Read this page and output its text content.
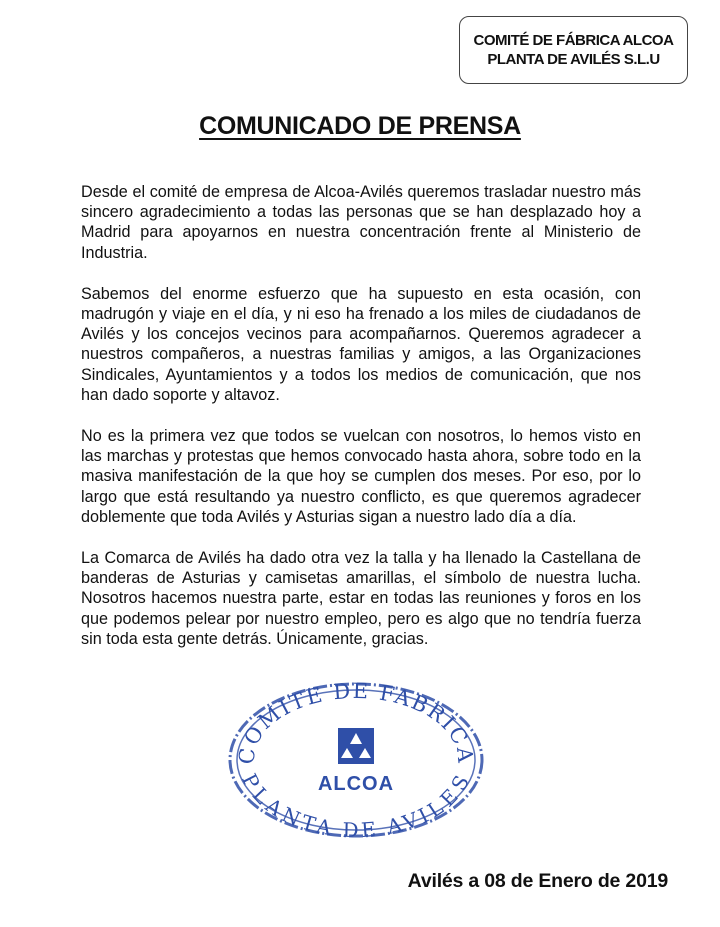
COMITÉ DE FÁBRICA ALCOA
PLANTA DE AVILÉS S.L.U
COMUNICADO DE PRENSA

Desde el comité de empresa de Alcoa-Avilés queremos trasladar nuestro más sincero agradecimiento a todas las personas que se han desplazado hoy a Madrid para apoyarnos en nuestra concentración frente al Ministerio de Industria.

Sabemos del enorme esfuerzo que ha supuesto en esta ocasión, con madrugón y viaje en el día, y ni eso ha frenado a los miles de ciudadanos de Avilés y los concejos vecinos para acompañarnos. Queremos agradecer a nuestros compañeros, a nuestras familias y amigos, a las Organizaciones Sindicales, Ayuntamientos y a todos los medios de comunicación, que nos han dado soporte y altavoz.

No es la primera vez que todos se vuelcan con nosotros, lo hemos visto en las marchas y protestas que hemos convocado hasta ahora, sobre todo en la masiva manifestación de la que hoy se cumplen dos meses. Por eso, por lo largo que está resultando ya nuestro conflicto, es que queremos agradecer doblemente que toda Avilés y Asturias sigan a nuestro lado día a día.

La Comarca de Avilés ha dado otra vez la talla y ha llenado la Castellana de banderas de Asturias y camisetas amarillas, el símbolo de nuestra lucha. Nosotros hacemos nuestra parte, estar en todas las reuniones y foros en los que podemos pelear por nuestro empleo, pero es algo que no tendría fuerza sin toda esta gente detrás. Únicamente, gracias.

COMITE DE FABRICA
PLANTA DE AVILES
ALCOA
Avilés a 08 de Enero de 2019
